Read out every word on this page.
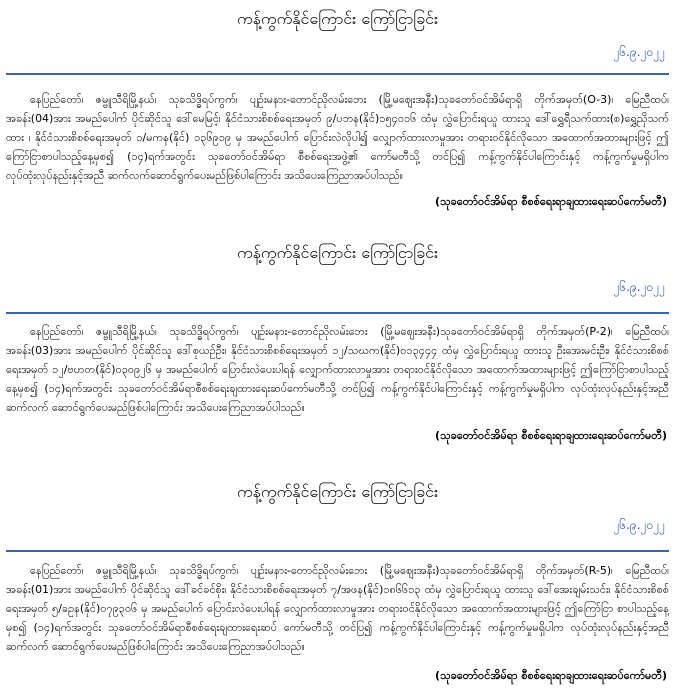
ကန့်ကွက်နိုင်ကြောင်း ကြော်ငြာခြင်း
၂၆.၉.၂၀၂၂
နေပြည်တော်၊ ဇမ္ဗူသီရိမြို့နယ်၊ သုခသိဒ္ဓိရပ်ကွက်၊ ပျဉ်းမနား-တောင်ညိုလမ်းဘေး (မြို့မဈေးအနီး)သုခတော်ဝင်အိမ်ရာရှိ တိုက်အမှတ်(O-3)၊ မြေညီထပ်၊ အခန်း(04)အား အမည်ပေါက် ပိုင်ဆိုင်သူ ဒေါ်မေမြင့်၊ နိုင်ငံသားစိစစ်ရေးအမှတ် ၉/ပဘန(နိုင်)၁၅၄၀၁၆ ထံမှ လွှဲပြောင်းရယူ ထားသူ ဒေါ်ရွှေရီသက်ထား(စ)ရွှေညှိသက်ထား ၊ နိုင်ငံသားစိစစ်ရေးအမှတ် ၁/မကန(နိုင်) ၁၃၆၉၁၉ မှ အမည်ပေါက် ပြောင်းလဲလိုပါ၍ လျှောက်ထားလာမှုအား တရားဝင်နိုင်လိုသော အထောက်အထားများဖြင့် ဤကြော်ငြာစာပါသည့်နေ့မှစ၍ (၁၄)ရက်အတွင်း သုခတော်ဝင်အိမ်ရာ စီစစ်ရေးအဖွဲ့၏ ကော်မတီသို့ တင်ပြ၍ ကန့်ကွက်နိုင်ပါကြောင်းနှင့် ကန့်ကွက်မှုမရှိပါက လုပ်ထုံးလုပ်နည်းနှင့်အညီ ဆက်လက်ဆောင်ရွက်ပေးမည်ဖြစ်ပါကြောင်း အသိပေးကြေညာအပ်ပါသည်။
(သုခတော်ဝင်အိမ်ရာ စီစစ်ရေးရာချထားရေးဆပ်ကော်မတီ)
ကန့်ကွက်နိုင်ကြောင်း ကြော်ငြာခြင်း
၂၆.၉.၂၀၂၂
နေပြည်တော်၊ ဇမ္ဗူသီရိမြို့နယ်၊ သုခသိဒ္ဓိရပ်ကွက်၊ ပျဉ်းမနား-တောင်ညိုလမ်းဘေး (မြို့မဈေးအနီး)သုခတော်ဝင်အိမ်ရာရှိ တိုက်အမှတ်(P-2)၊ မြေညီထပ်၊ အခန်း(03)အား အမည်ပေါက် ပိုင်ဆိုင်သူ ဒေါ်စုယဉ်ဦး၊ နိုင်ငံသားစိစစ်ရေးအမှတ် ၁၂/သဃက(နိုင်)၀၁၃၄၄၄ ထံမှ လွှဲပြောင်းရယူ ထားသူ ဦးအေးမင်းဦး၊ နိုင်ငံသားစိစစ်ရေးအမှတ် ၁၂/ဗဟတ(နိုင်)၀၃၀၉၂၆ မှ အမည်ပေါက် ပြောင်းလဲပေးပါရန် လျှောက်ထားလာမှုအား တရားဝင်နိုင်လိုသော အထောက်အထားများဖြင့် ဤကြော်ငြာစာပါသည့်နေ့မှစ၍ (၁၄)ရက်အတွင်း သုခတော်ဝင်အိမ်ရာစီစစ်ရေးချထားရေးဆပ်ကော်မတီသို့ တင်ပြ၍ ကန့်ကွက်နိုင်ပါကြောင်းနှင့် ကန့်ကွက်မှုမရှိပါက လုပ်ထုံးလုပ်နည်းနှင့်အညီ ဆက်လက် ဆောင်ရွက်ပေးမည်ဖြစ်ပါကြောင်း အသိပေးကြေညာအပ်ပါသည်။
(သုခတော်ဝင်အိမ်ရာ စီစစ်ရေးရာချထားရေးဆပ်ကော်မတီ)
ကန့်ကွက်နိုင်ကြောင်း ကြော်ငြာခြင်း
၂၆.၉.၂၀၂၂
နေပြည်တော်၊ ဇမ္ဗူသီရိမြို့နယ်၊ သုခသိဒ္ဓိရပ်ကွက်၊ ပျဉ်းမနား-တောင်ညိုလမ်းဘေး (မြို့မဈေးအနီး)သုခတော်ဝင်အိမ်ရာရှိ တိုက်အမှတ်(R-5)၊ မြေညီထပ်၊ အခန်း(01)အား အမည်ပေါက် ပိုင်ဆိုင်သူ ဒေါ်ခင်ခင်စိုး၊ နိုင်ငံသားစိစစ်ရေးအမှတ် ၇/အဖန(နိုင်)၁၈၆၆၁၃ ထံမှ လွှဲပြောင်းရယူ ထားသူ ဒေါ်အေးချမ်းသင်း၊ နိုင်ငံသားစိစစ်ရေးအမှတ် ၅/ခဥန(နိုင်)၀၇၉၃၀၆ မှ အမည်ပေါက် ပြောင်းလဲပေးပါရန် လျှောက်ထားလာမှုအား တရားဝင်နိုင်လိုသော အထောက်အထားများဖြင့် ဤကြော်ငြာ စာပါသည့်နေ့မှစ၍ (၁၄)ရက်အတွင်း သုခတော်ဝင်အိမ်ရာစီစစ်ရေးချထားရေးဆပ် ကော်မတီသို့ တင်ပြ၍ ကန့်ကွက်နိုင်ပါကြောင်းနှင့် ကန့်ကွက်မှုမရှိပါက လုပ်ထုံးလုပ်နည်းနှင့်အညီ ဆက်လက် ဆောင်ရွက်ပေးမည်ဖြစ်ပါကြောင်း အသိပေးကြေညာအပ်ပါသည်။
(သုခတော်ဝင်အိမ်ရာ စီစစ်ရေးရာချထားရေးဆပ်ကော်မတီ)
